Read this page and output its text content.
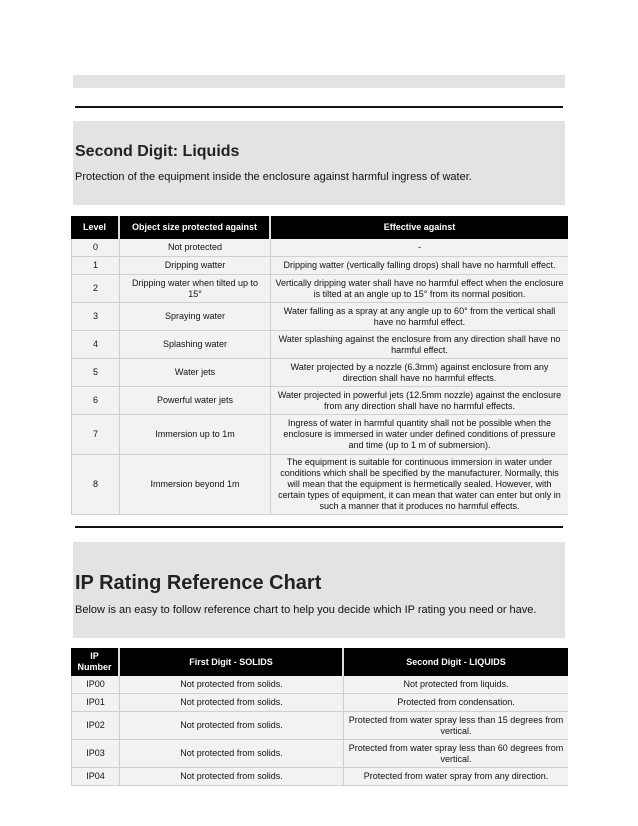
Second Digit: Liquids

Protection of the equipment inside the enclosure against harmful ingress of water.

Level	Object size protected against	Effective against
0	Not protected	-
1	Dripping watter	Dripping watter (vertically falling drops) shall have no harmfull effect.
2	Dripping water when tilted up to 15°	Vertically dripping water shall have no harmful effect when the enclosure is tilted at an angle up to 15° from its normal position.
3	Spraying water	Water falling as a spray at any angle up to 60° from the vertical shall have no harmful effect.
4	Splashing water	Water splashing against the enclosure from any direction shall have no harmful effect.
5	Water jets	Water projected by a nozzle (6.3mm) against enclosure from any direction shall have no harmful effects.
6	Powerful water jets	Water projected in powerful jets (12.5mm nozzle) against the enclosure from any direction shall have no harmful effects.
7	Immersion up to 1m	Ingress of water in harmful quantity shall not be possible when the enclosure is immersed in water under defined conditions of pressure and time (up to 1 m of submersion).
8	Immersion beyond 1m	The equipment is suitable for continuous immersion in water under conditions which shall be specified by the manufacturer. Normally, this will mean that the equipment is hermetically sealed. However, with certain types of equipment, it can mean that water can enter but only in such a manner that it produces no harmful effects.
IP Rating Reference Chart

Below is an easy to follow reference chart to help you decide which IP rating you need or have.

IP Number	First Digit - SOLIDS	Second Digit - LIQUIDS
IP00	Not protected from solids.	Not protected from liquids.
IP01	Not protected from solids.	Protected from condensation.
IP02	Not protected from solids.	Protected from water spray less than 15 degrees from vertical.
IP03	Not protected from solids.	Protected from water spray less than 60 degrees from vertical.
IP04	Not protected from solids.	Protected from water spray from any direction.
